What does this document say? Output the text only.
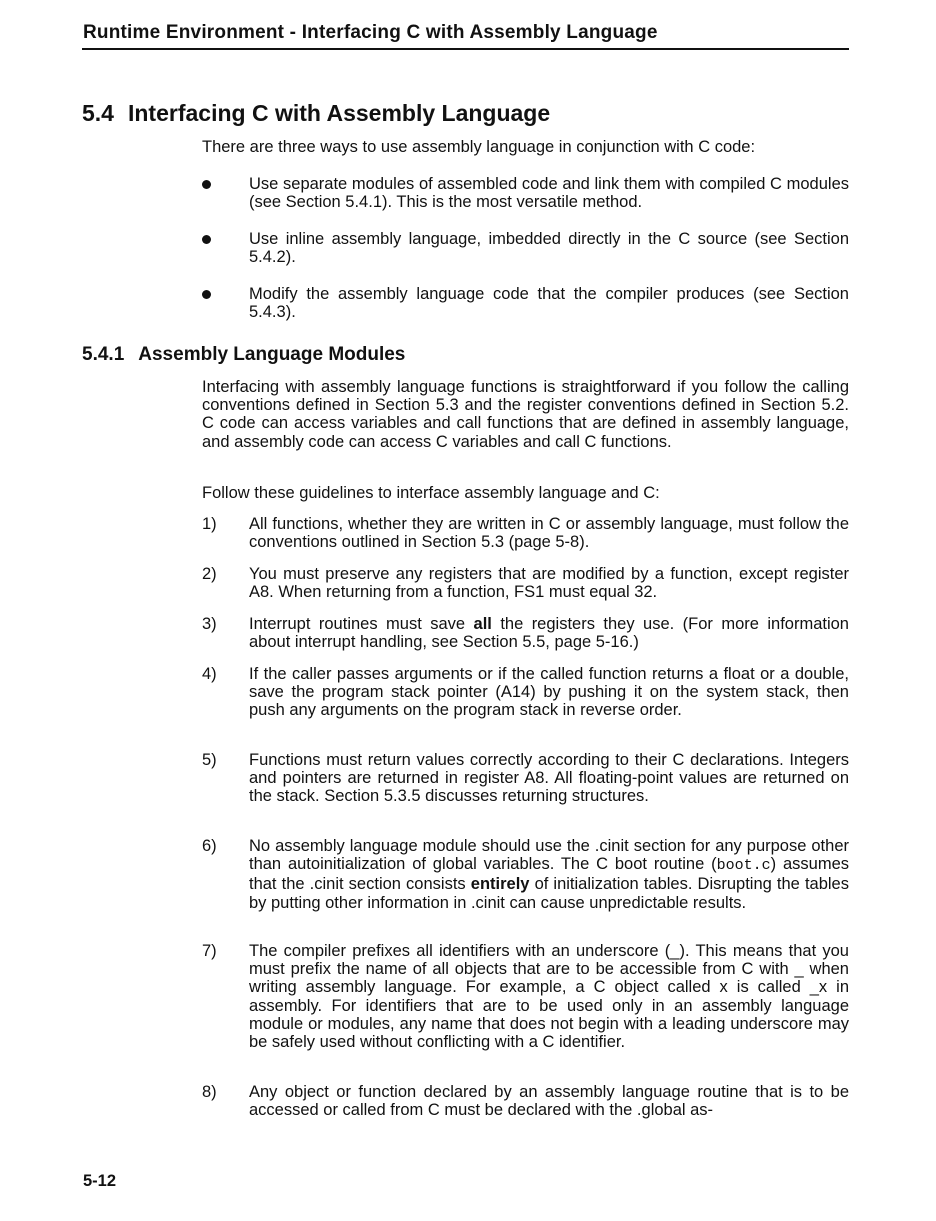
Runtime Environment - Interfacing C with Assembly Language
5.4 Interfacing C with Assembly Language

There are three ways to use assembly language in conjunction with C code:

Use separate modules of assembled code and link them with compiled C modules (see Section 5.4.1). This is the most versatile method.

Use inline assembly language, imbedded directly in the C source (see Section 5.4.2).

Modify the assembly language code that the compiler produces (see Section 5.4.3).

5.4.1 Assembly Language Modules

Interfacing with assembly language functions is straightforward if you follow the calling conventions defined in Section 5.3 and the register conventions defined in Section 5.2. C code can access variables and call functions that are defined in assembly language, and assembly code can access C variables and call C functions.

Follow these guidelines to interface assembly language and C:

1) All functions, whether they are written in C or assembly language, must follow the conventions outlined in Section 5.3 (page 5-8).

2) You must preserve any registers that are modified by a function, except register A8. When returning from a function, FS1 must equal 32.

3) Interrupt routines must save all the registers they use. (For more information about interrupt handling, see Section 5.5, page 5-16.)

4) If the caller passes arguments or if the called function returns a float or a double, save the program stack pointer (A14) by pushing it on the system stack, then push any arguments on the program stack in reverse order.

5) Functions must return values correctly according to their C declarations. Integers and pointers are returned in register A8. All floating-point values are returned on the stack. Section 5.3.5 discusses returning structures.

6) No assembly language module should use the .cinit section for any purpose other than autoinitialization of global variables. The C boot routine (boot.c) assumes that the .cinit section consists entirely of initialization tables. Disrupting the tables by putting other information in .cinit can cause unpredictable results.

7) The compiler prefixes all identifiers with an underscore (_). This means that you must prefix the name of all objects that are to be accessible from C with _ when writing assembly language. For example, a C object called x is called _x in assembly. For identifiers that are to be used only in an assembly language module or modules, any name that does not begin with a leading underscore may be safely used without conflicting with a C identifier.

8) Any object or function declared by an assembly language routine that is to be accessed or called from C must be declared with the .global as-

5-12
